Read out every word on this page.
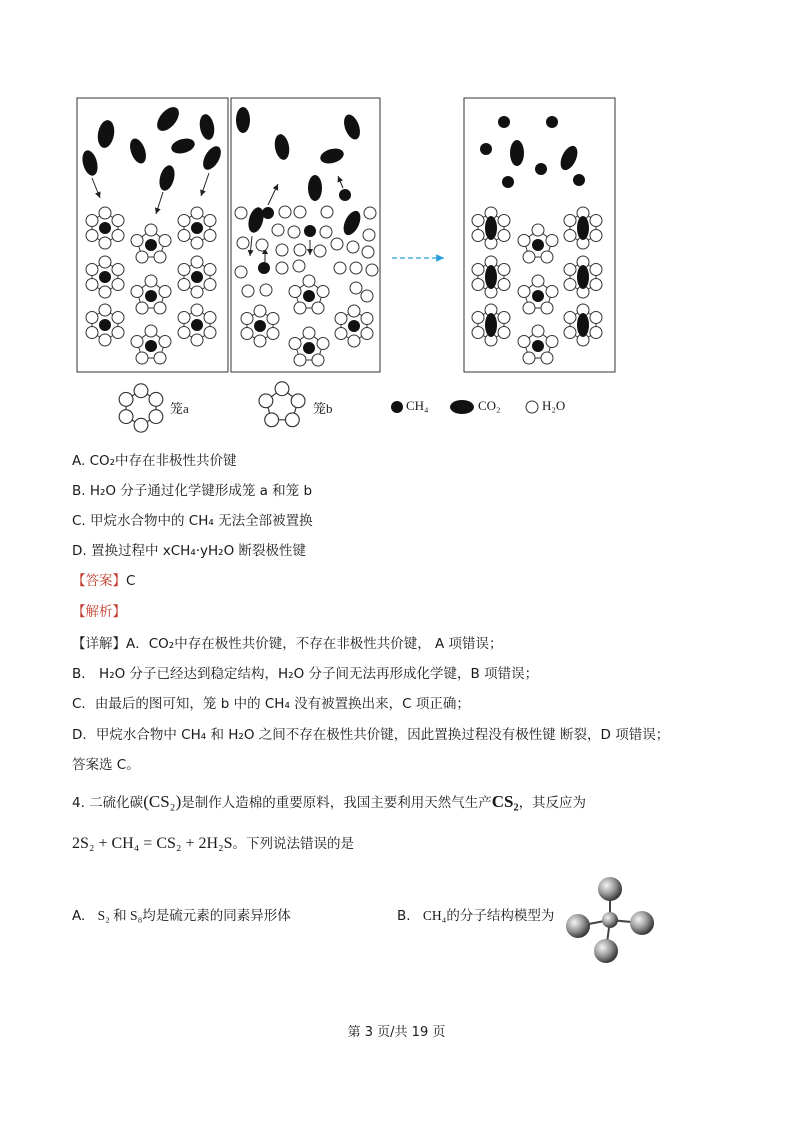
笼a	笼b	CH₄	CO₂	H₂O
A. CO₂中存在非极性共价键
B. H₂O 分子通过化学键形成笼 a 和笼 b
C. 甲烷水合物中的 CH₄ 无法全部被置换
D. 置换过程中 xCH₄·yH₂O 断裂极性键
【答案】C
【解析】
【详解】A．CO₂中存在极性共价键，不存在非极性共价键， A 项错误；
B． H₂O 分子已经达到稳定结构，H₂O 分子间无法再形成化学键，B 项错误；
C．由最后的图可知，笼 b 中的 CH₄ 没有被置换出来，C 项正确；
D．甲烷水合物中 CH₄ 和 H₂O 之间不存在极性共价键，因此置换过程没有极性键 断裂，D 项错误；
答案选 C。
4. 二硫化碳(CS₂)是制作人造棉的重要原料，我国主要利用天然气生产CS₂，其反应为
2S₂ + CH₄ = CS₂ + 2H₂S。下列说法错误的是
A. S₂ 和 S₈均是硫元素的同素异形体	B. CH₄的分子结构模型为
第 3 页/共 19 页
